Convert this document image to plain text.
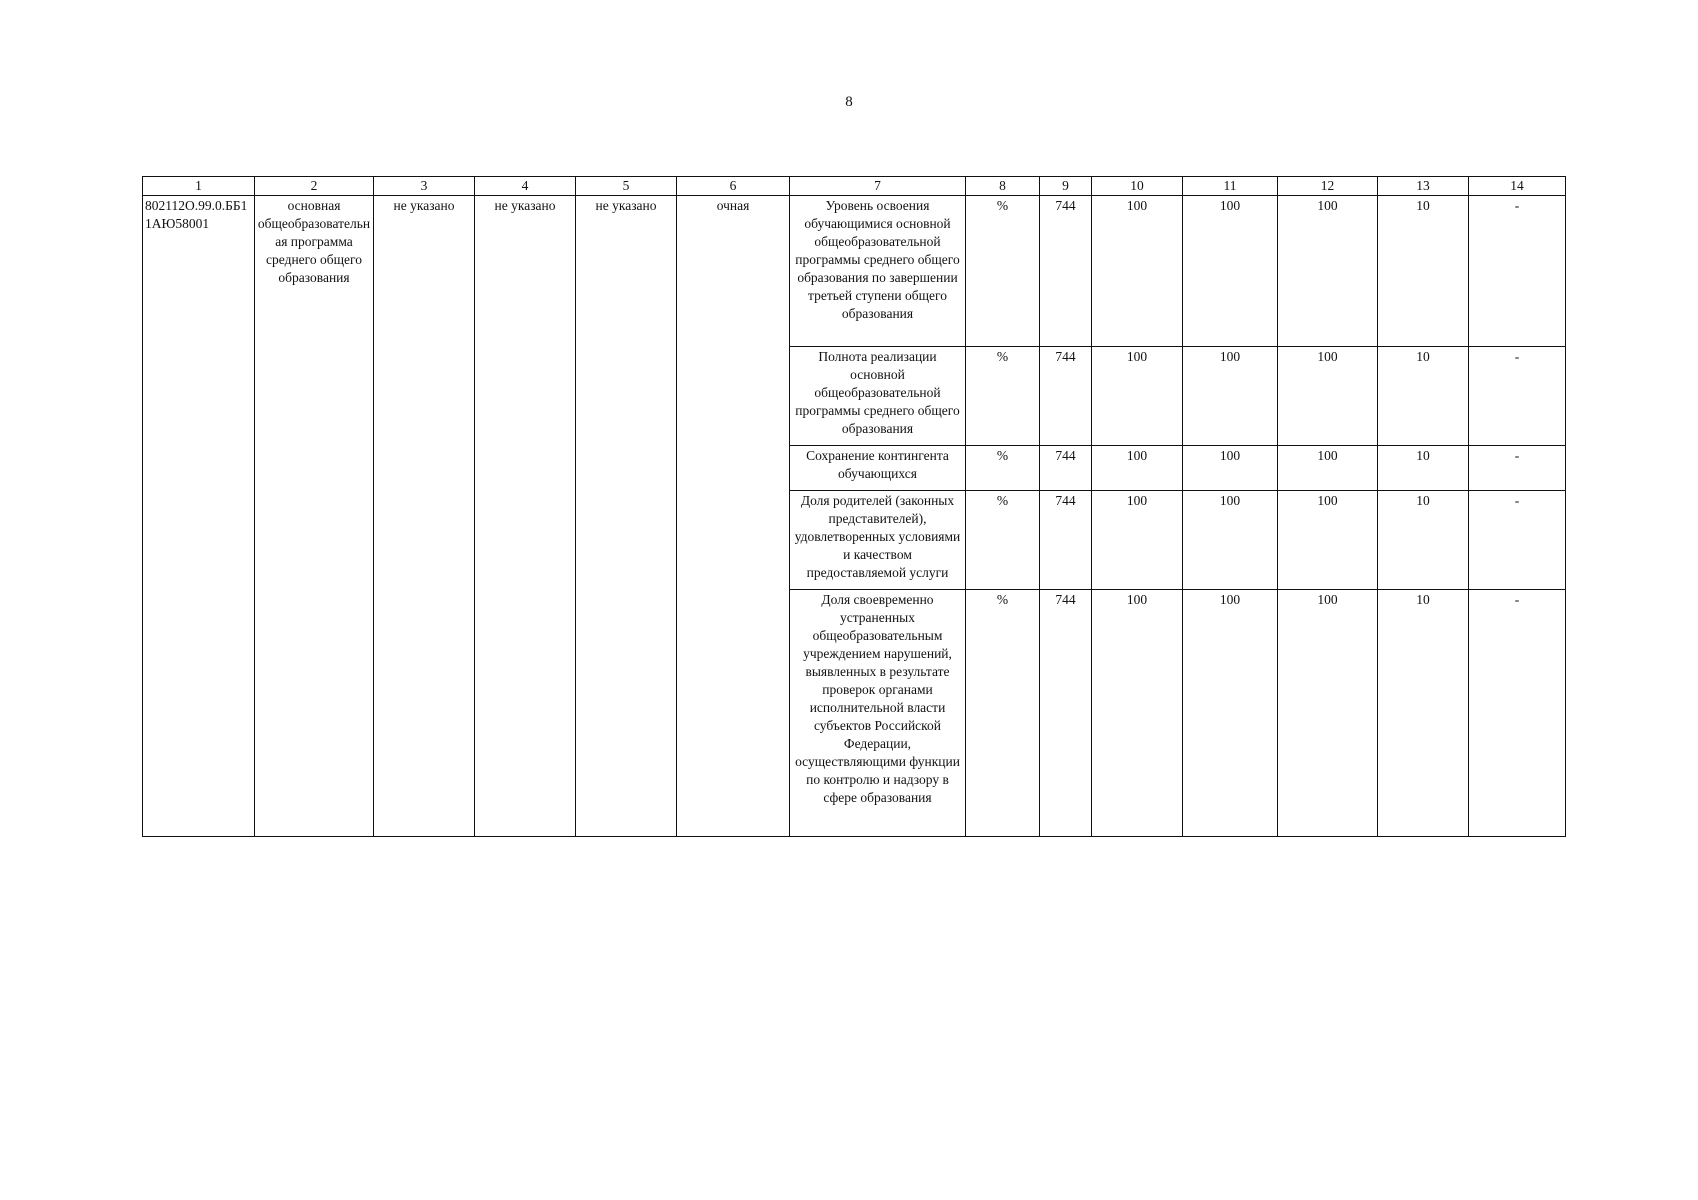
8
1	2	3	4	5	6	7	8	9	10	11	12	13	14
802112О.99.0.ББ11АЮ58001	основная общеобразовательная программа среднего общего образования	не указано	не указано	не указано	очная	Уровень освоения обучающимися основной общеобразовательной программы среднего общего образования по завершении третьей ступени общего образования	%	744	100	100	100	10	-
						Полнота реализации основной общеобразовательной программы среднего общего образования	%	744	100	100	100	10	-
						Сохранение контингента обучающихся	%	744	100	100	100	10	-
						Доля родителей (законных представителей), удовлетворенных условиями и качеством предоставляемой услуги	%	744	100	100	100	10	-
						Доля своевременно устраненных общеобразовательным учреждением нарушений, выявленных в результате проверок органами исполнительной власти субъектов Российской Федерации, осуществляющими функции по контролю и надзору в сфере образования	%	744	100	100	100	10	-
